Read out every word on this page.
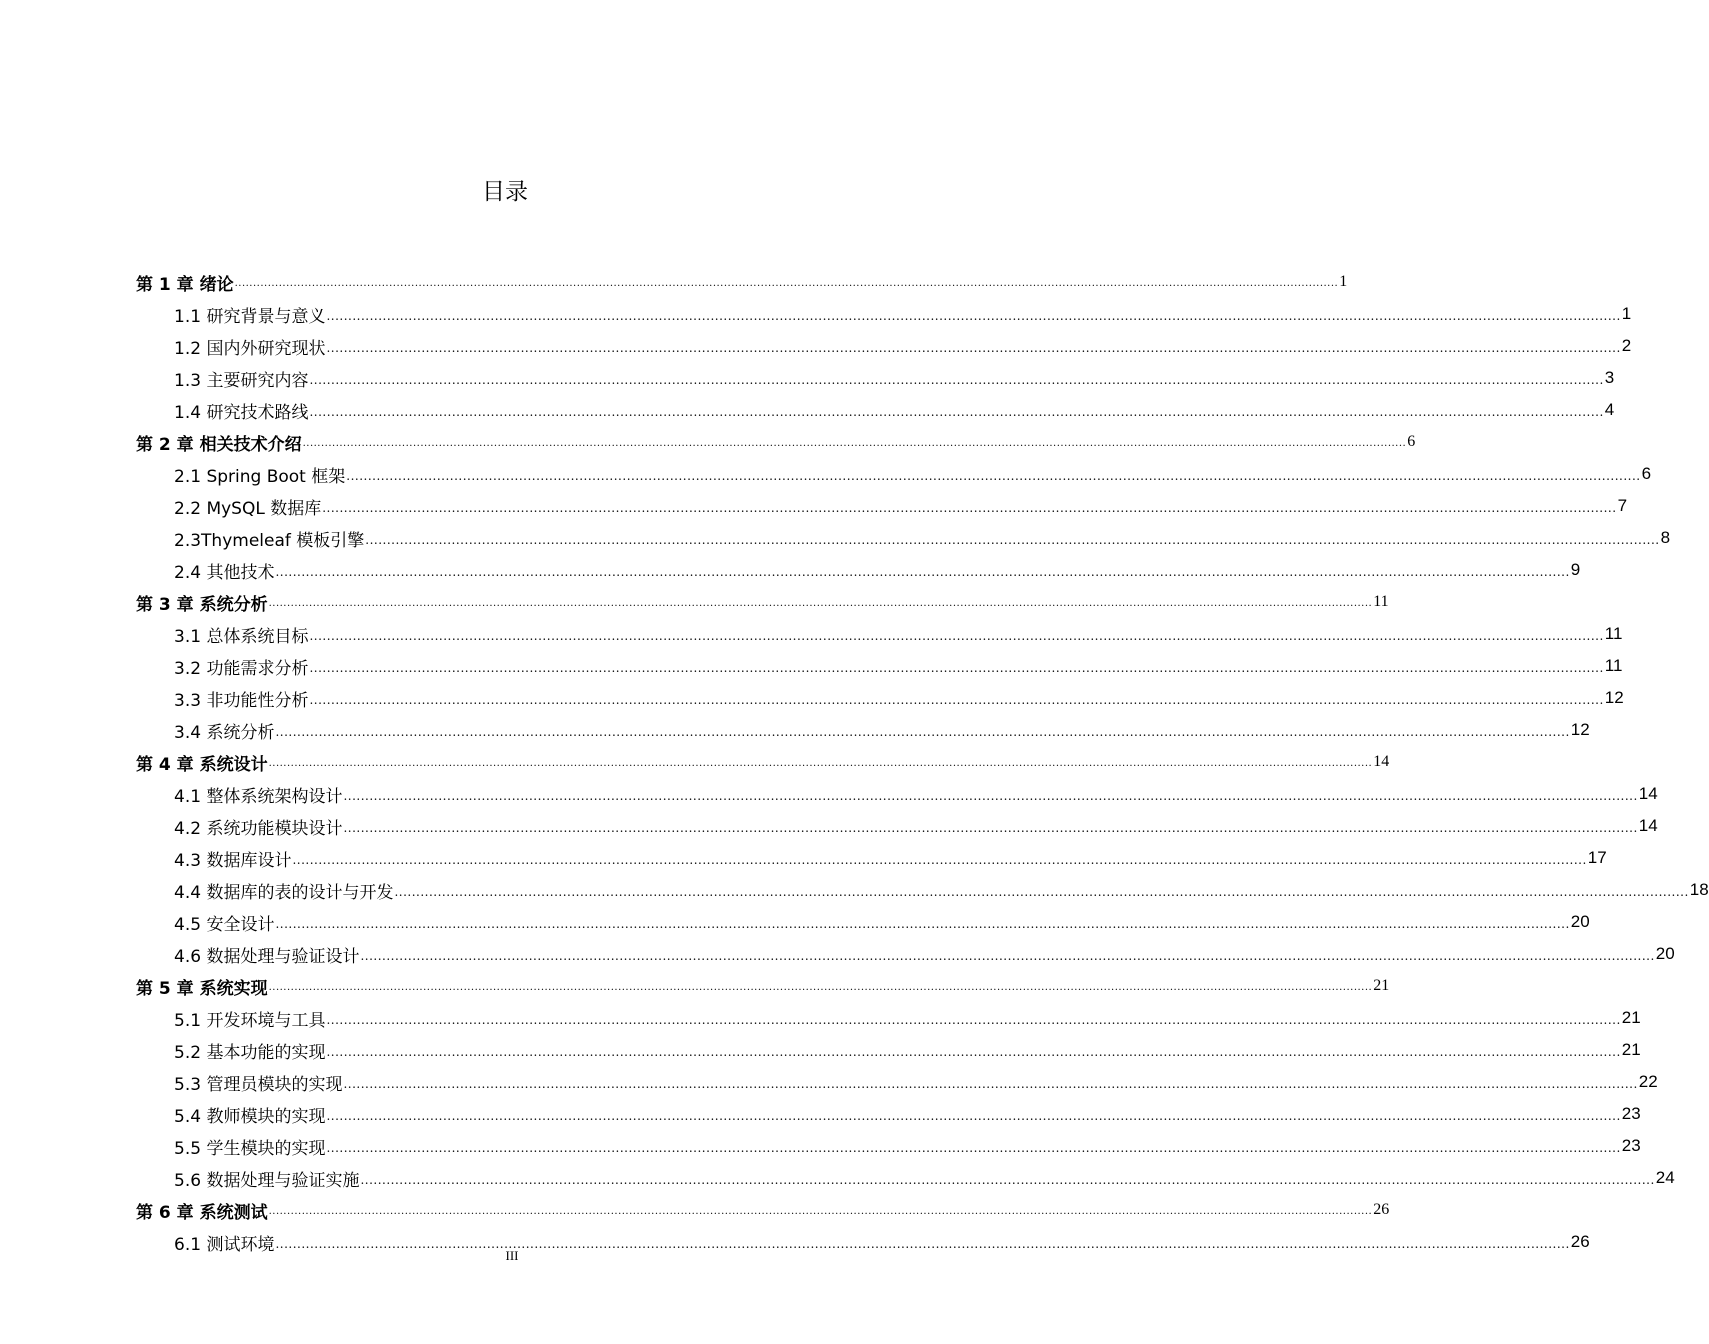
目录
第 1 章 绪论 ............................................................................................................................................................................................................................................................................................................ 1
1.1 研究背景与意义 ............................................................................................................................................................................................................................................................................................................ 1
1.2 国内外研究现状 ............................................................................................................................................................................................................................................................................................................ 2
1.3 主要研究内容 ............................................................................................................................................................................................................................................................................................................ 3
1.4 研究技术路线 ............................................................................................................................................................................................................................................................................................................ 4
第 2 章 相关技术介绍 ............................................................................................................................................................................................................................................................................................................ 6
2.1 Spring Boot 框架 ............................................................................................................................................................................................................................................................................................................ 6
2.2 MySQL 数据库 ............................................................................................................................................................................................................................................................................................................ 7
2.3Thymeleaf 模板引擎 ............................................................................................................................................................................................................................................................................................................ 8
2.4 其他技术 ............................................................................................................................................................................................................................................................................................................ 9
第 3 章 系统分析 ............................................................................................................................................................................................................................................................................................................ 11
3.1 总体系统目标 ............................................................................................................................................................................................................................................................................................................ 11
3.2 功能需求分析 ............................................................................................................................................................................................................................................................................................................ 11
3.3 非功能性分析 ............................................................................................................................................................................................................................................................................................................ 12
3.4 系统分析 ............................................................................................................................................................................................................................................................................................................ 12
第 4 章 系统设计 ............................................................................................................................................................................................................................................................................................................ 14
4.1 整体系统架构设计 ............................................................................................................................................................................................................................................................................................................ 14
4.2 系统功能模块设计 ............................................................................................................................................................................................................................................................................................................ 14
4.3 数据库设计 ............................................................................................................................................................................................................................................................................................................ 17
4.4 数据库的表的设计与开发 ............................................................................................................................................................................................................................................................................................................ 18
4.5 安全设计 ............................................................................................................................................................................................................................................................................................................ 20
4.6 数据处理与验证设计 ............................................................................................................................................................................................................................................................................................................ 20
第 5 章 系统实现 ............................................................................................................................................................................................................................................................................................................ 21
5.1 开发环境与工具 ............................................................................................................................................................................................................................................................................................................ 21
5.2 基本功能的实现 ............................................................................................................................................................................................................................................................................................................ 21
5.3 管理员模块的实现 ............................................................................................................................................................................................................................................................................................................ 22
5.4 教师模块的实现 ............................................................................................................................................................................................................................................................................................................ 23
5.5 学生模块的实现 ............................................................................................................................................................................................................................................................................................................ 23
5.6 数据处理与验证实施 ............................................................................................................................................................................................................................................................................................................ 24
第 6 章 系统测试 ............................................................................................................................................................................................................................................................................................................ 26
6.1 测试环境 ............................................................................................................................................................................................................................................................................................................ 26
III
